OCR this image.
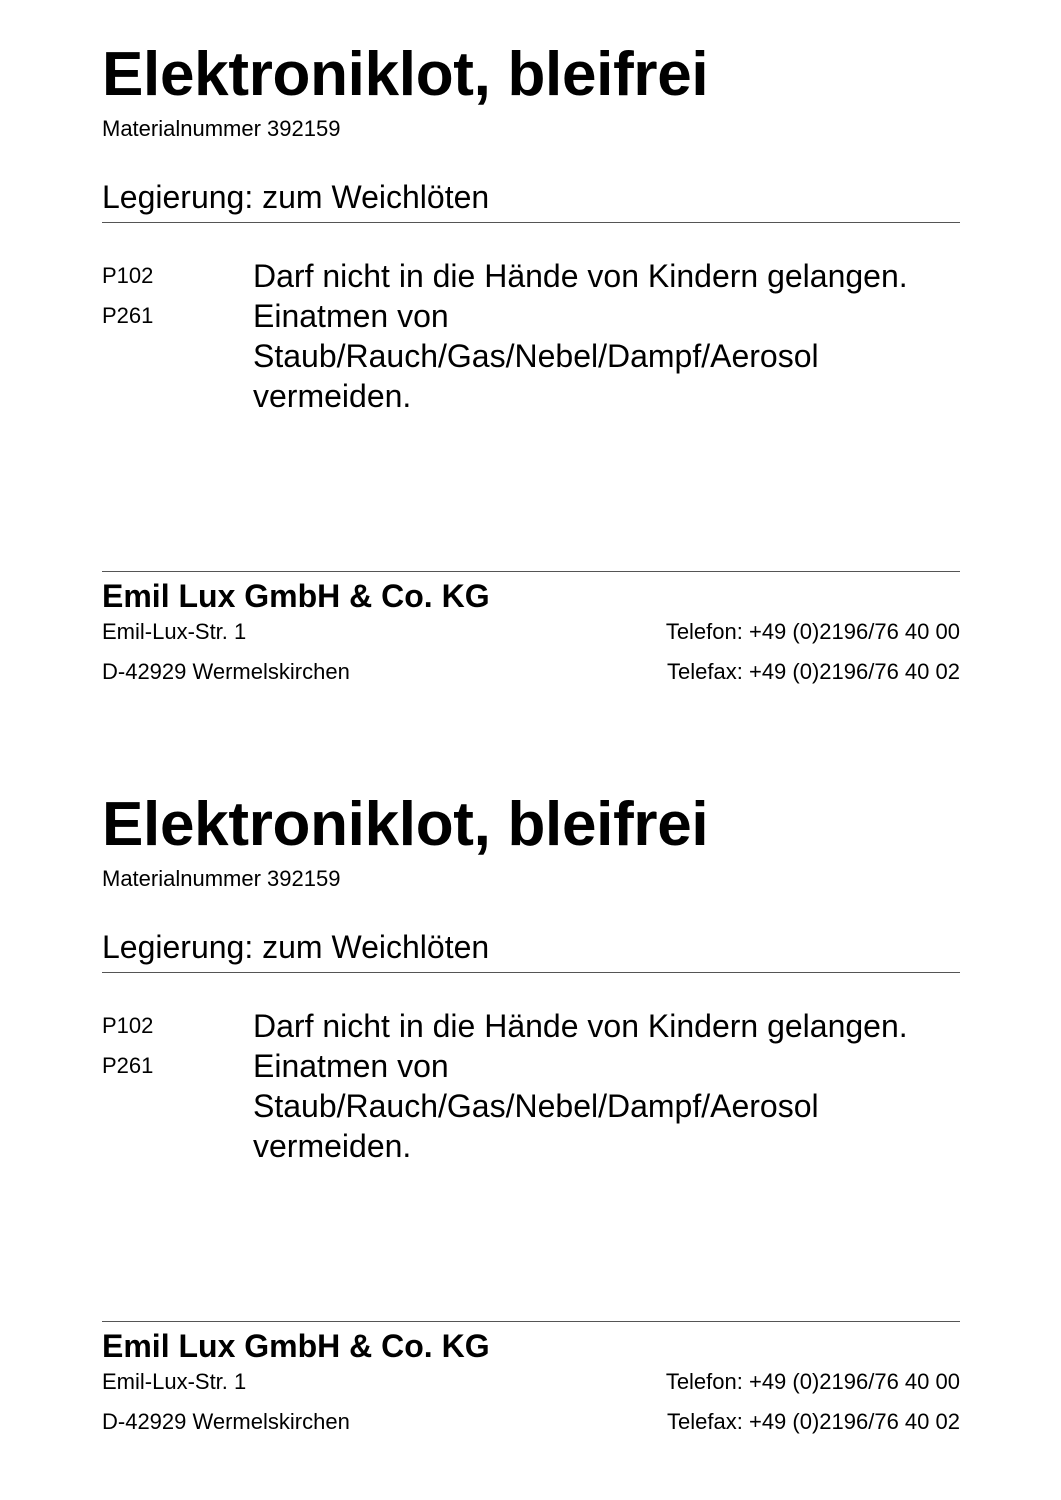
Elektroniklot, bleifrei
Materialnummer 392159
Legierung: zum Weichlöten
P102	Darf nicht in die Hände von Kindern gelangen.
P261	Einatmen von Staub/Rauch/Gas/Nebel/Dampf/Aerosol vermeiden.
Emil Lux GmbH & Co. KG
Emil-Lux-Str. 1	Telefon: +49 (0)2196/76 40 00
D-42929 Wermelskirchen	Telefax: +49 (0)2196/76 40 02
Elektroniklot, bleifrei
Materialnummer 392159
Legierung: zum Weichlöten
P102	Darf nicht in die Hände von Kindern gelangen.
P261	Einatmen von Staub/Rauch/Gas/Nebel/Dampf/Aerosol vermeiden.
Emil Lux GmbH & Co. KG
Emil-Lux-Str. 1	Telefon: +49 (0)2196/76 40 00
D-42929 Wermelskirchen	Telefax: +49 (0)2196/76 40 02
